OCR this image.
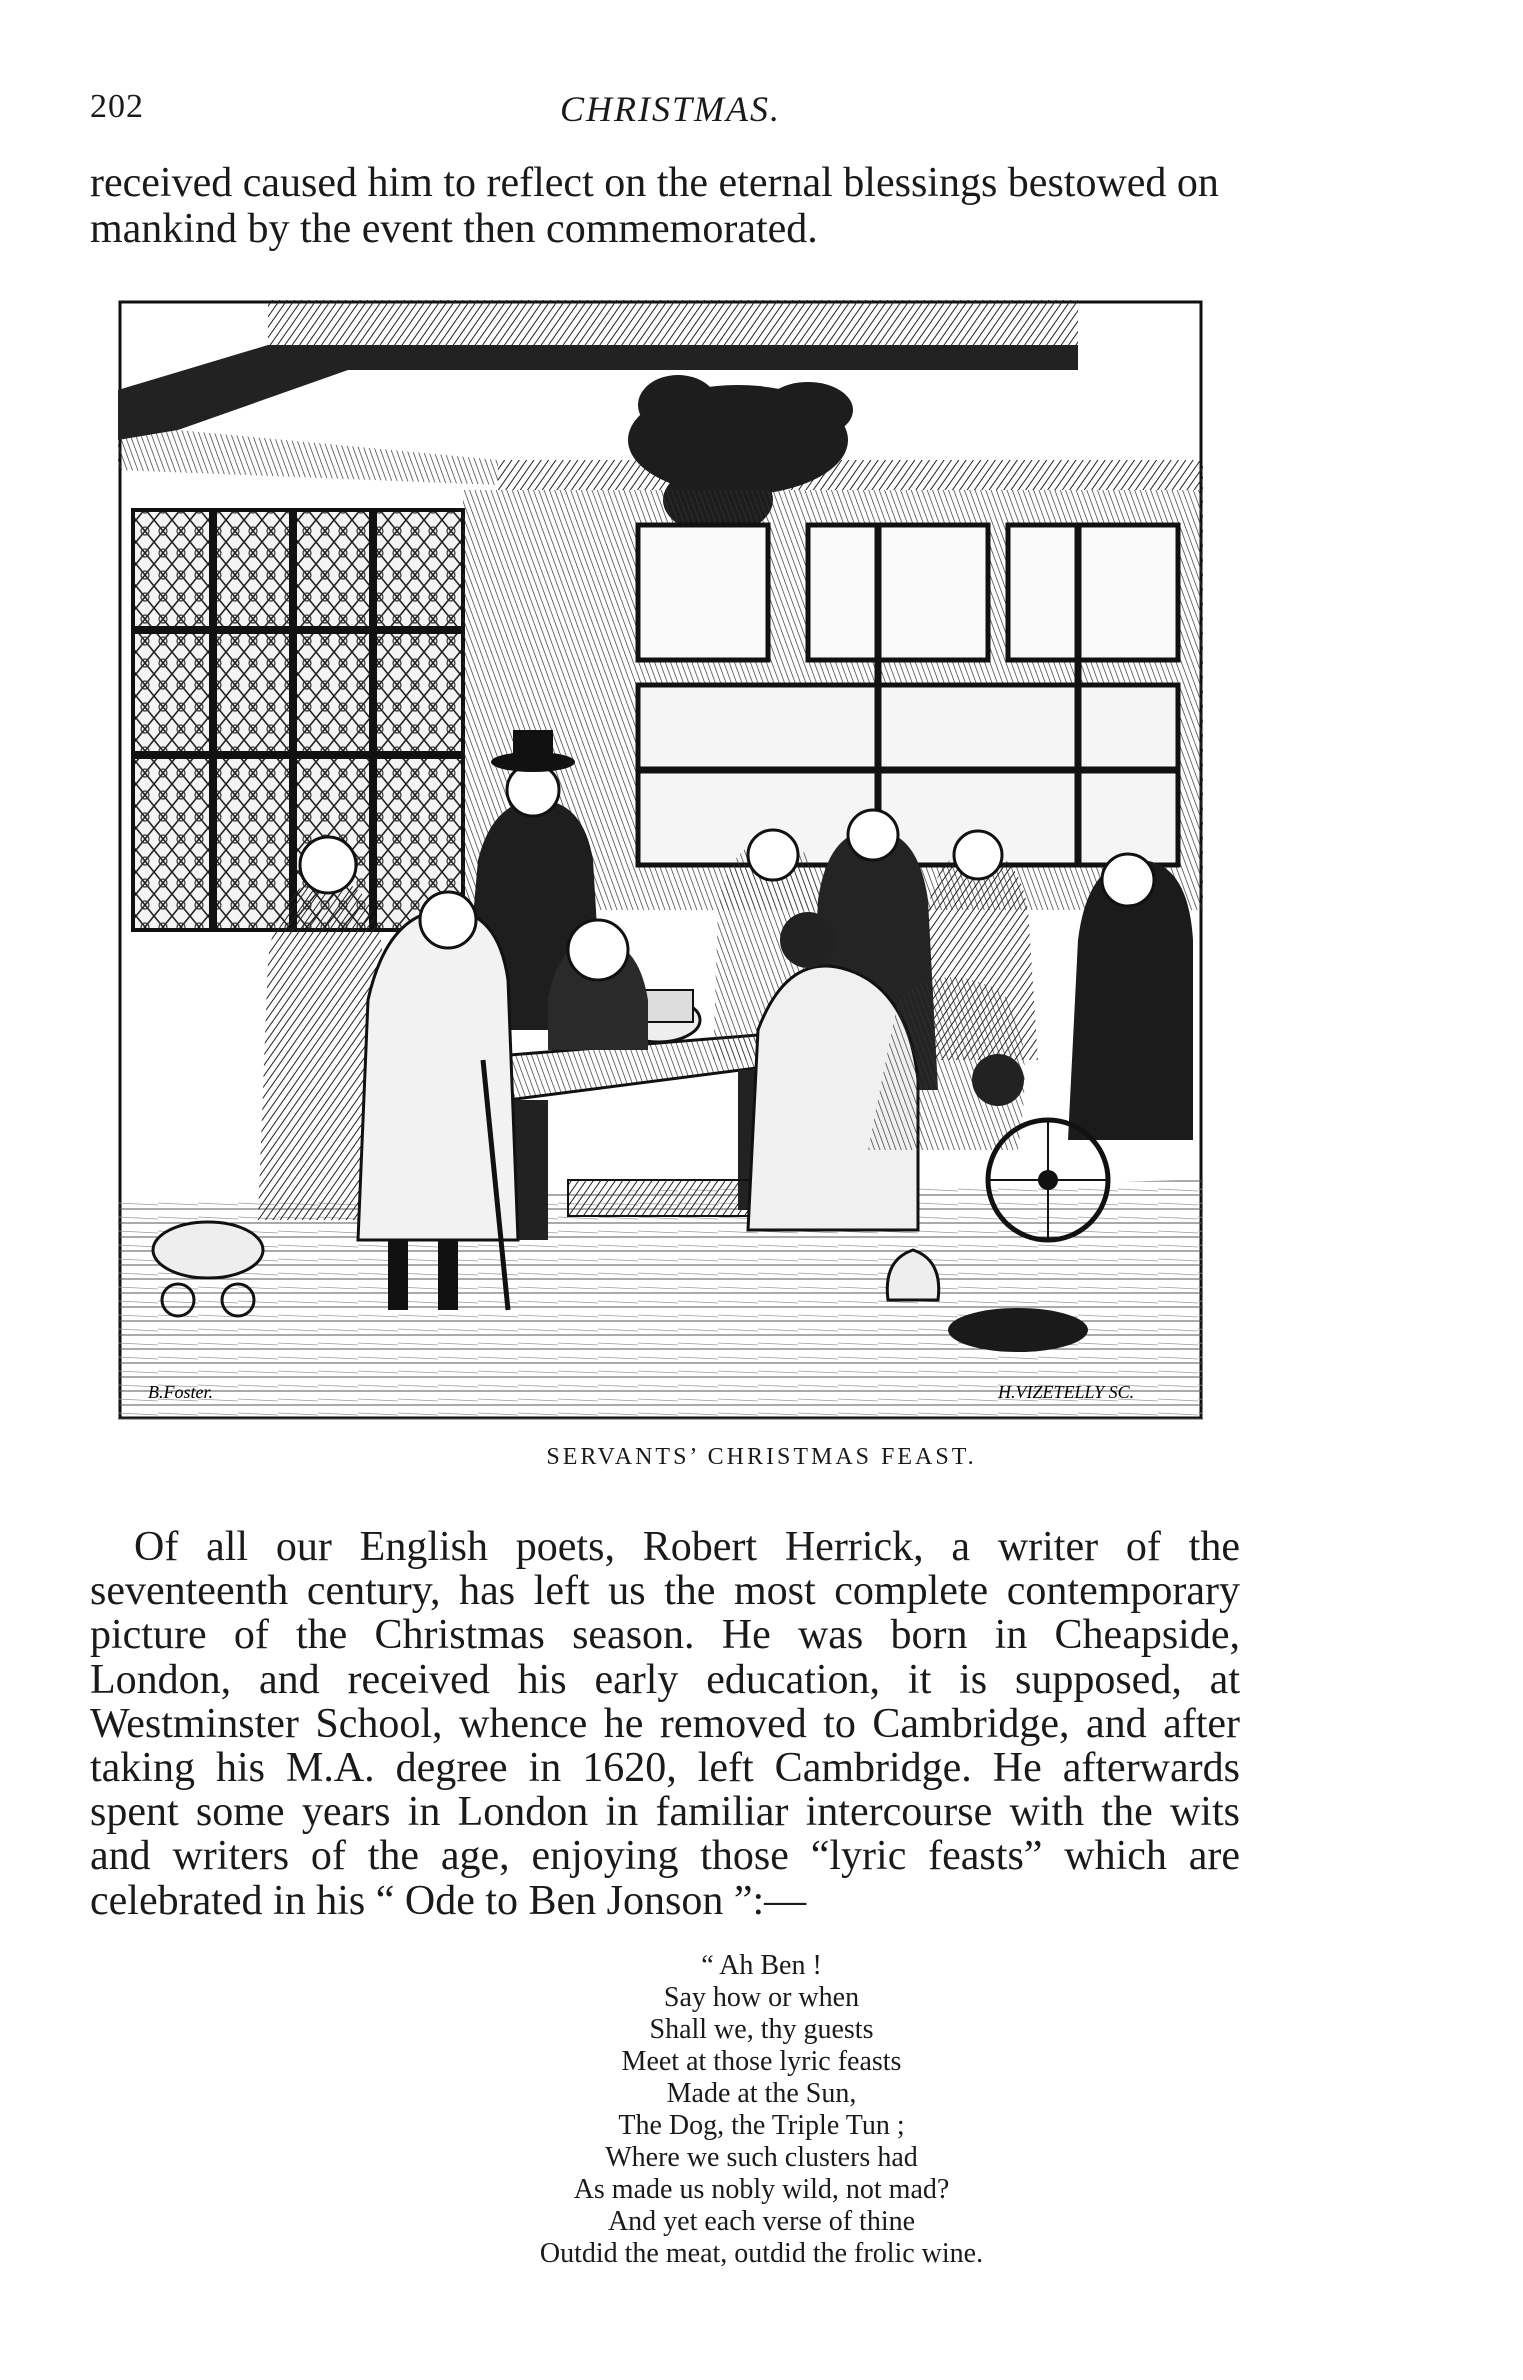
202	CHRISTMAS.

received caused him to reflect on the eternal blessings bestowed on mankind by the event then commemorated.

B.Foster.	H.VIZETELLY SC.
SERVANTS’ CHRISTMAS FEAST.

Of all our English poets, Robert Herrick, a writer of the seventeenth century, has left us the most complete contemporary picture of the Christmas season. He was born in Cheapside, London, and received his early education, it is supposed, at Westminster School, whence he removed to Cambridge, and after taking his M.A. degree in 1620, left Cambridge. He afterwards spent some years in London in familiar intercourse with the wits and writers of the age, enjoying those “lyric feasts” which are celebrated in his “ Ode to Ben Jonson ”:—

“ Ah Ben !
Say how or when
Shall we, thy guests
Meet at those lyric feasts
Made at the Sun,
The Dog, the Triple Tun ;
Where we such clusters had
As made us nobly wild, not mad?
And yet each verse of thine
Outdid the meat, outdid the frolic wine.
